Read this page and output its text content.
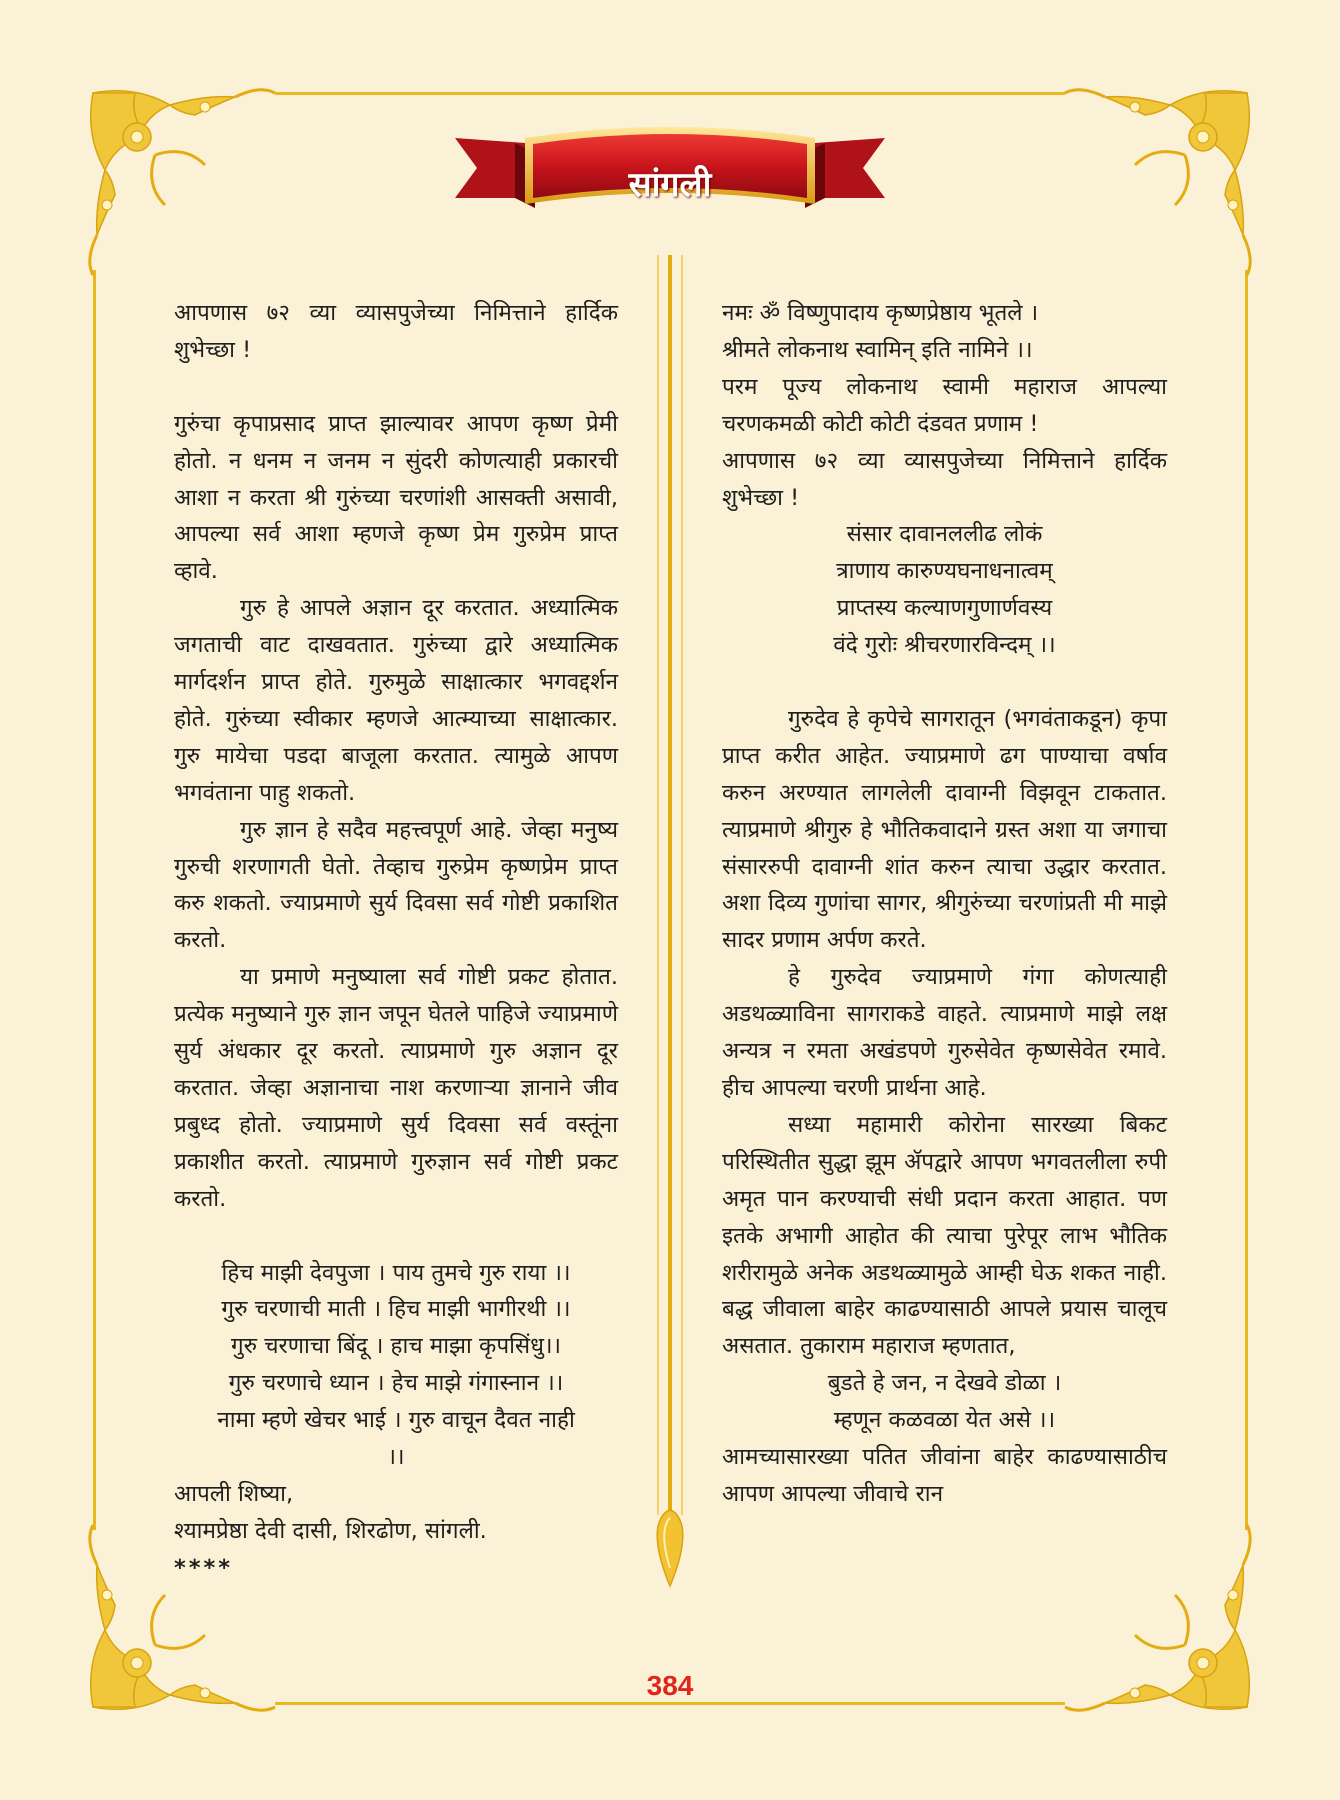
सांगली

आपणास ७२ व्या व्यासपुजेच्या निमित्ताने हार्दिक शुभेच्छा !

गुरुंचा कृपाप्रसाद प्राप्त झाल्यावर आपण कृष्ण प्रेमी होतो. न धनम न जनम न सुंदरी कोणत्याही प्रकारची आशा न करता श्री गुरुंच्या चरणांशी आसक्ती असावी, आपल्या सर्व आशा म्हणजे कृष्ण प्रेम गुरुप्रेम प्राप्त व्हावे.

गुरु हे आपले अज्ञान दूर करतात. अध्यात्मिक जगताची वाट दाखवतात. गुरुंच्या द्वारे अध्यात्मिक मार्गदर्शन प्राप्त होते. गुरुमुळे साक्षात्कार भगवद्दर्शन होते. गुरुंच्या स्वीकार म्हणजे आत्म्याच्या साक्षात्कार. गुरु मायेचा पडदा बाजूला करतात. त्यामुळे आपण भगवंताना पाहु शकतो.

गुरु ज्ञान हे सदैव महत्त्वपूर्ण आहे. जेव्हा मनुष्य गुरुची शरणागती घेतो. तेव्हाच गुरुप्रेम कृष्णप्रेम प्राप्त करु शकतो. ज्याप्रमाणे सुर्य दिवसा सर्व गोष्टी प्रकाशित करतो.

या प्रमाणे मनुष्याला सर्व गोष्टी प्रकट होतात. प्रत्येक मनुष्याने गुरु ज्ञान जपून घेतले पाहिजे ज्याप्रमाणे सुर्य अंधकार दूर करतो. त्याप्रमाणे गुरु अज्ञान दूर करतात. जेव्हा अज्ञानाचा नाश करणाऱ्या ज्ञानाने जीव प्रबुध्द होतो. ज्याप्रमाणे सुर्य दिवसा सर्व वस्तूंना प्रकाशीत करतो. त्याप्रमाणे गुरुज्ञान सर्व गोष्टी प्रकट करतो.

हिच माझी देवपुजा । पाय तुमचे गुरु राया ।।

गुरु चरणाची माती । हिच माझी भागीरथी ।।

गुरु चरणाचा बिंदू । हाच माझा कृपसिंधु।।

गुरु चरणाचे ध्यान । हेच माझे गंगास्नान ।।

नामा म्हणे खेचर भाई । गुरु वाचून दैवत नाही

।।

आपली शिष्या,

श्यामप्रेष्ठा देवी दासी, शिरढोण, सांगली.

****

नमः ॐ विष्णुपादाय कृष्णप्रेष्ठाय भूतले ।

श्रीमते लोकनाथ स्वामिन् इति नामिने ।।

परम पूज्य लोकनाथ स्वामी महाराज आपल्या चरणकमळी कोटी कोटी दंडवत प्रणाम !

आपणास ७२ व्या व्यासपुजेच्या निमित्ताने हार्दिक शुभेच्छा !

संसार दावानललीढ लोकं

त्राणाय कारुण्यघनाधनात्वम्

प्राप्तस्य कल्याणगुणार्णवस्य

वंदे गुरोः श्रीचरणारविन्दम् ।।

गुरुदेव हे कृपेचे सागरातून (भगवंताकडून) कृपा प्राप्त करीत आहेत. ज्याप्रमाणे ढग पाण्याचा वर्षाव करुन अरण्यात लागलेली दावाग्नी विझवून टाकतात. त्याप्रमाणे श्रीगुरु हे भौतिकवादाने ग्रस्त अशा या जगाचा संसाररुपी दावाग्नी शांत करुन त्याचा उद्धार करतात. अशा दिव्य गुणांचा सागर, श्रीगुरुंच्या चरणांप्रती मी माझे सादर प्रणाम अर्पण करते.

हे गुरुदेव ज्याप्रमाणे गंगा कोणत्याही अडथळ्याविना सागराकडे वाहते. त्याप्रमाणे माझे लक्ष अन्यत्र न रमता अखंडपणे गुरुसेवेत कृष्णसेवेत रमावे. हीच आपल्या चरणी प्रार्थना आहे.

सध्या महामारी कोरोना सारख्या बिकट परिस्थितीत सुद्धा झूम ॲपद्वारे आपण भगवतलीला रुपी अमृत पान करण्याची संधी प्रदान करता आहात. पण इतके अभागी आहोत की त्याचा पुरेपूर लाभ भौतिक शरीरामुळे अनेक अडथळ्यामुळे आम्ही घेऊ शकत नाही. बद्ध जीवाला बाहेर काढण्यासाठी आपले प्रयास चालूच असतात. तुकाराम महाराज म्हणतात,

बुडते हे जन, न देखवे डोळा ।

म्हणून कळवळा येत असे ।।

आमच्यासारख्या पतित जीवांना बाहेर काढण्यासाठीच आपण आपल्या जीवाचे रान

384
